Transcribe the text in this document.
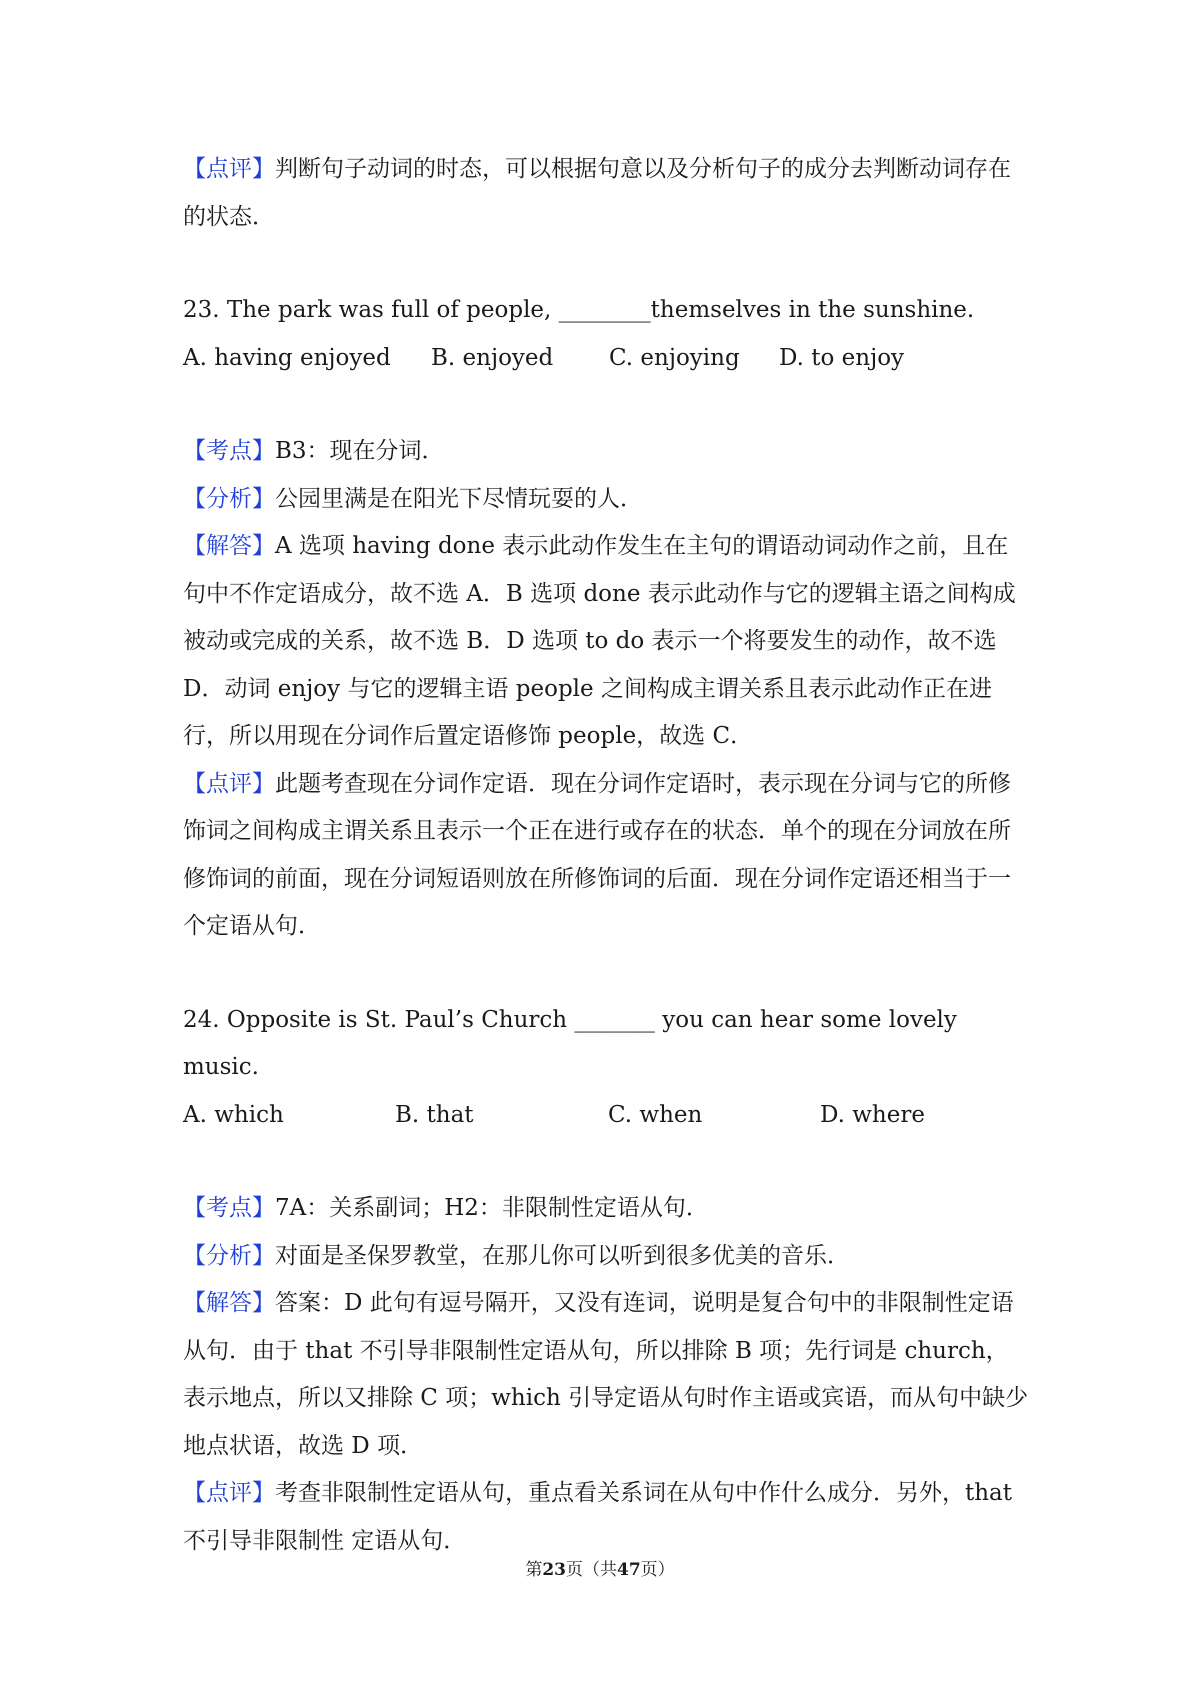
【点评】判断句子动词的时态，可以根据句意以及分析句子的成分去判断动词存在的状态．

23. The park was full of people, ________themselves in the sunshine.

A. having enjoyed	B. enjoyed	C. enjoying	D. to enjoy

【考点】B3：现在分词．

【分析】公园里满是在阳光下尽情玩耍的人．

【解答】A 选项 having done 表示此动作发生在主句的谓语动词动作之前，且在句中不作定语成分，故不选 A．B 选项 done 表示此动作与它的逻辑主语之间构成被动或完成的关系，故不选 B．D 选项 to do 表示一个将要发生的动作，故不选 D．动词 enjoy 与它的逻辑主语 people 之间构成主谓关系且表示此动作正在进行，所以用现在分词作后置定语修饰 people，故选 C．

【点评】此题考查现在分词作定语．现在分词作定语时，表示现在分词与它的所修饰词之间构成主谓关系且表示一个正在进行或存在的状态．单个的现在分词放在所修饰词的前面，现在分词短语则放在所修饰词的后面．现在分词作定语还相当于一个定语从句．

24. Opposite is St. Paul’s Church _______ you can hear some lovely music.

A. which	B. that	C. when	D. where

【考点】7A：关系副词；H2：非限制性定语从句．

【分析】对面是圣保罗教堂，在那儿你可以听到很多优美的音乐．

【解答】答案：D 此句有逗号隔开，又没有连词，说明是复合句中的非限制性定语从句．由于 that 不引导非限制性定语从句，所以排除 B 项；先行词是 church，表示地点，所以又排除 C 项；which 引导定语从句时作主语或宾语，而从句中缺少地点状语，故选 D 项．

【点评】考查非限制性定语从句，重点看关系词在从句中作什么成分．另外，that 不引导非限制性 定语从句．

第23页（共47页）
